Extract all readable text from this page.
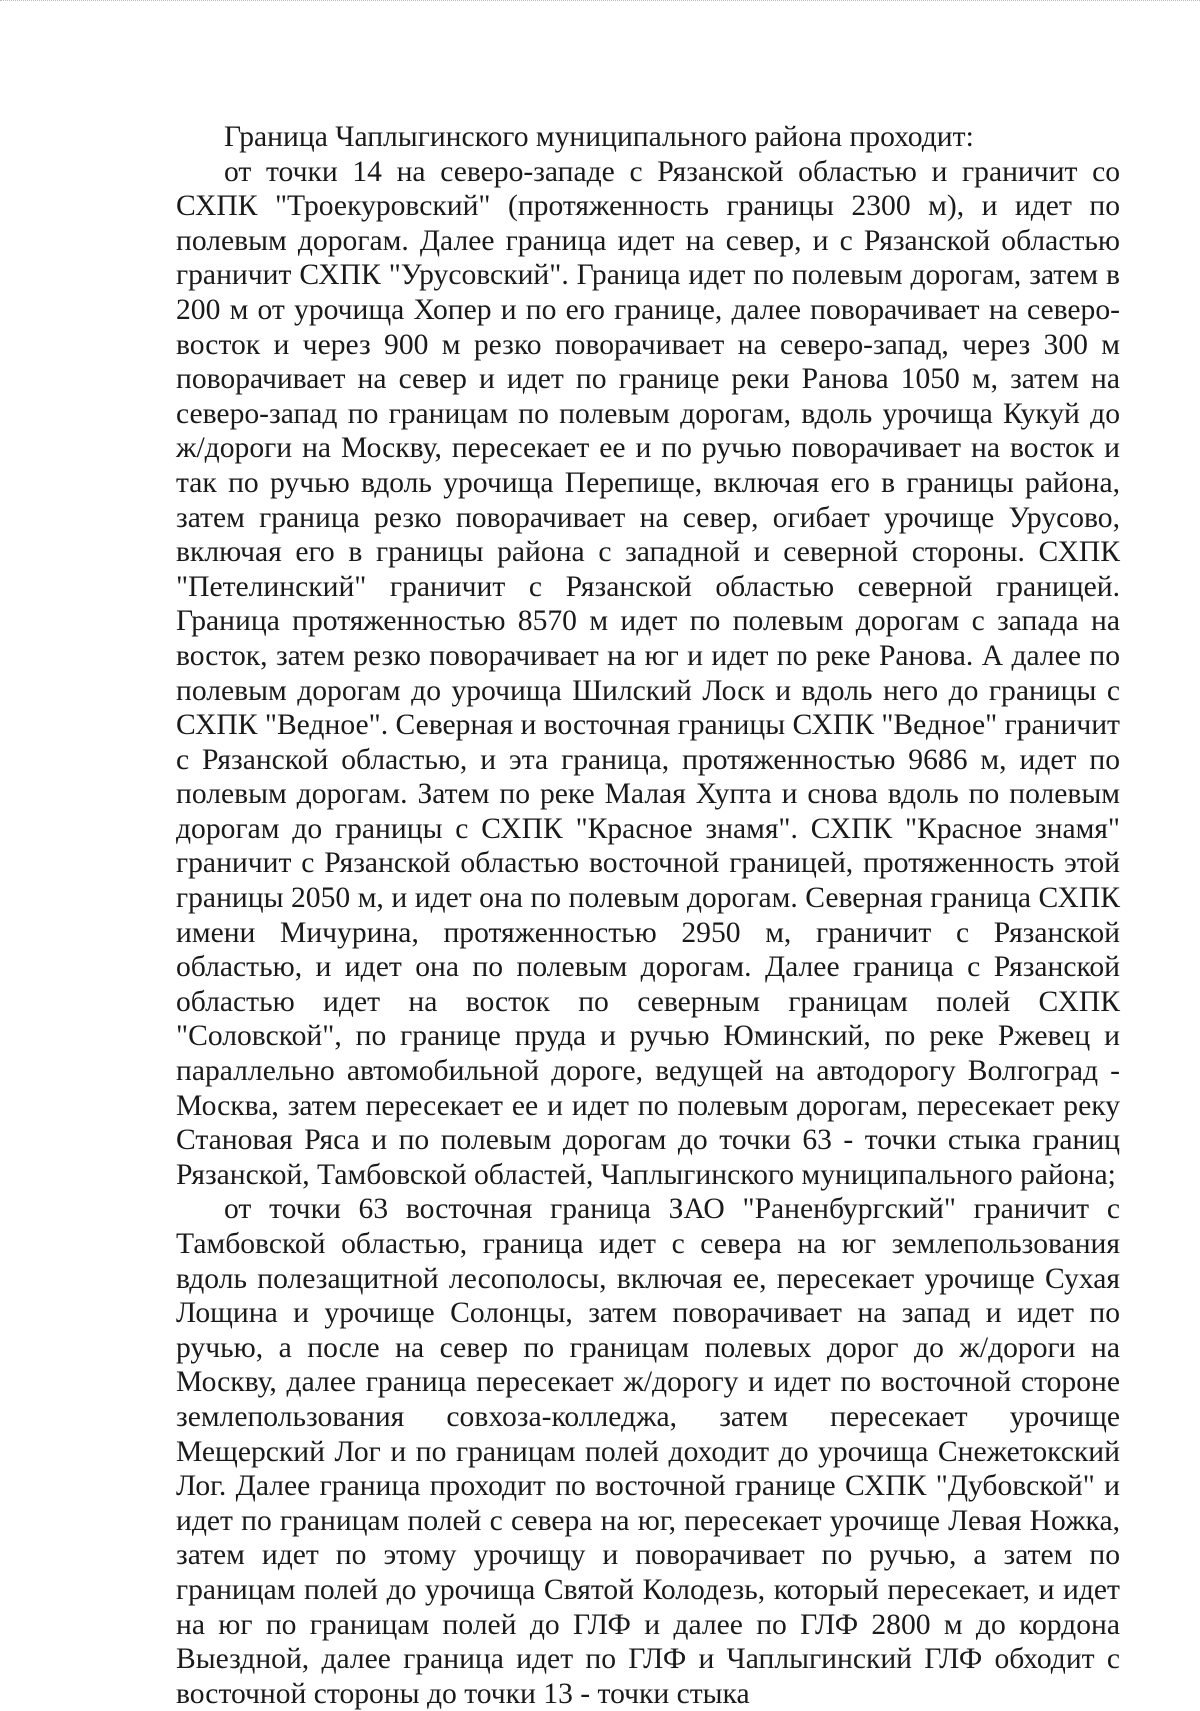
Граница Чаплыгинского муниципального района проходит:

от точки 14 на северо-западе с Рязанской областью и граничит со СХПК "Троекуровский" (протяженность границы 2300 м), и идет по полевым дорогам. Далее граница идет на север, и с Рязанской областью граничит СХПК "Урусовский". Граница идет по полевым дорогам, затем в 200 м от урочища Хопер и по его границе, далее поворачивает на северо-восток и через 900 м резко поворачивает на северо-запад, через 300 м поворачивает на север и идет по границе реки Ранова 1050 м, затем на северо-запад по границам по полевым дорогам, вдоль урочища Кукуй до ж/дороги на Москву, пересекает ее и по ручью поворачивает на восток и так по ручью вдоль урочища Перепище, включая его в границы района, затем граница резко поворачивает на север, огибает урочище Урусово, включая его в границы района с западной и северной стороны. СХПК "Петелинский" граничит с Рязанской областью северной границей. Граница протяженностью 8570 м идет по полевым дорогам с запада на восток, затем резко поворачивает на юг и идет по реке Ранова. А далее по полевым дорогам до урочища Шилский Лоск и вдоль него до границы с СХПК "Ведное". Северная и восточная границы СХПК "Ведное" граничит с Рязанской областью, и эта граница, протяженностью 9686 м, идет по полевым дорогам. Затем по реке Малая Хупта и снова вдоль по полевым дорогам до границы с СХПК "Красное знамя". СХПК "Красное знамя" граничит с Рязанской областью восточной границей, протяженность этой границы 2050 м, и идет она по полевым дорогам. Северная граница СХПК имени Мичурина, протяженностью 2950 м, граничит с Рязанской областью, и идет она по полевым дорогам. Далее граница с Рязанской областью идет на восток по северным границам полей СХПК "Соловской", по границе пруда и ручью Юминский, по реке Ржевец и параллельно автомобильной дороге, ведущей на автодорогу Волгоград - Москва, затем пересекает ее и идет по полевым дорогам, пересекает реку Становая Ряса и по полевым дорогам до точки 63 - точки стыка границ Рязанской, Тамбовской областей, Чаплыгинского муниципального района;

от точки 63 восточная граница ЗАО "Раненбургский" граничит с Тамбовской областью, граница идет с севера на юг землепользования вдоль полезащитной лесополосы, включая ее, пересекает урочище Сухая Лощина и урочище Солонцы, затем поворачивает на запад и идет по ручью, а после на север по границам полевых дорог до ж/дороги на Москву, далее граница пересекает ж/дорогу и идет по восточной стороне землепользования совхоза-колледжа, затем пересекает урочище Мещерский Лог и по границам полей доходит до урочища Снежетокский Лог. Далее граница проходит по восточной границе СХПК "Дубовской" и идет по границам полей с севера на юг, пересекает урочище Левая Ножка, затем идет по этому урочищу и поворачивает по ручью, а затем по границам полей до урочища Святой Колодезь, который пересекает, и идет на юг по границам полей до ГЛФ и далее по ГЛФ 2800 м до кордона Выездной, далее граница идет по ГЛФ и Чаплыгинский ГЛФ обходит с восточной стороны до точки 13 - точки стыка
